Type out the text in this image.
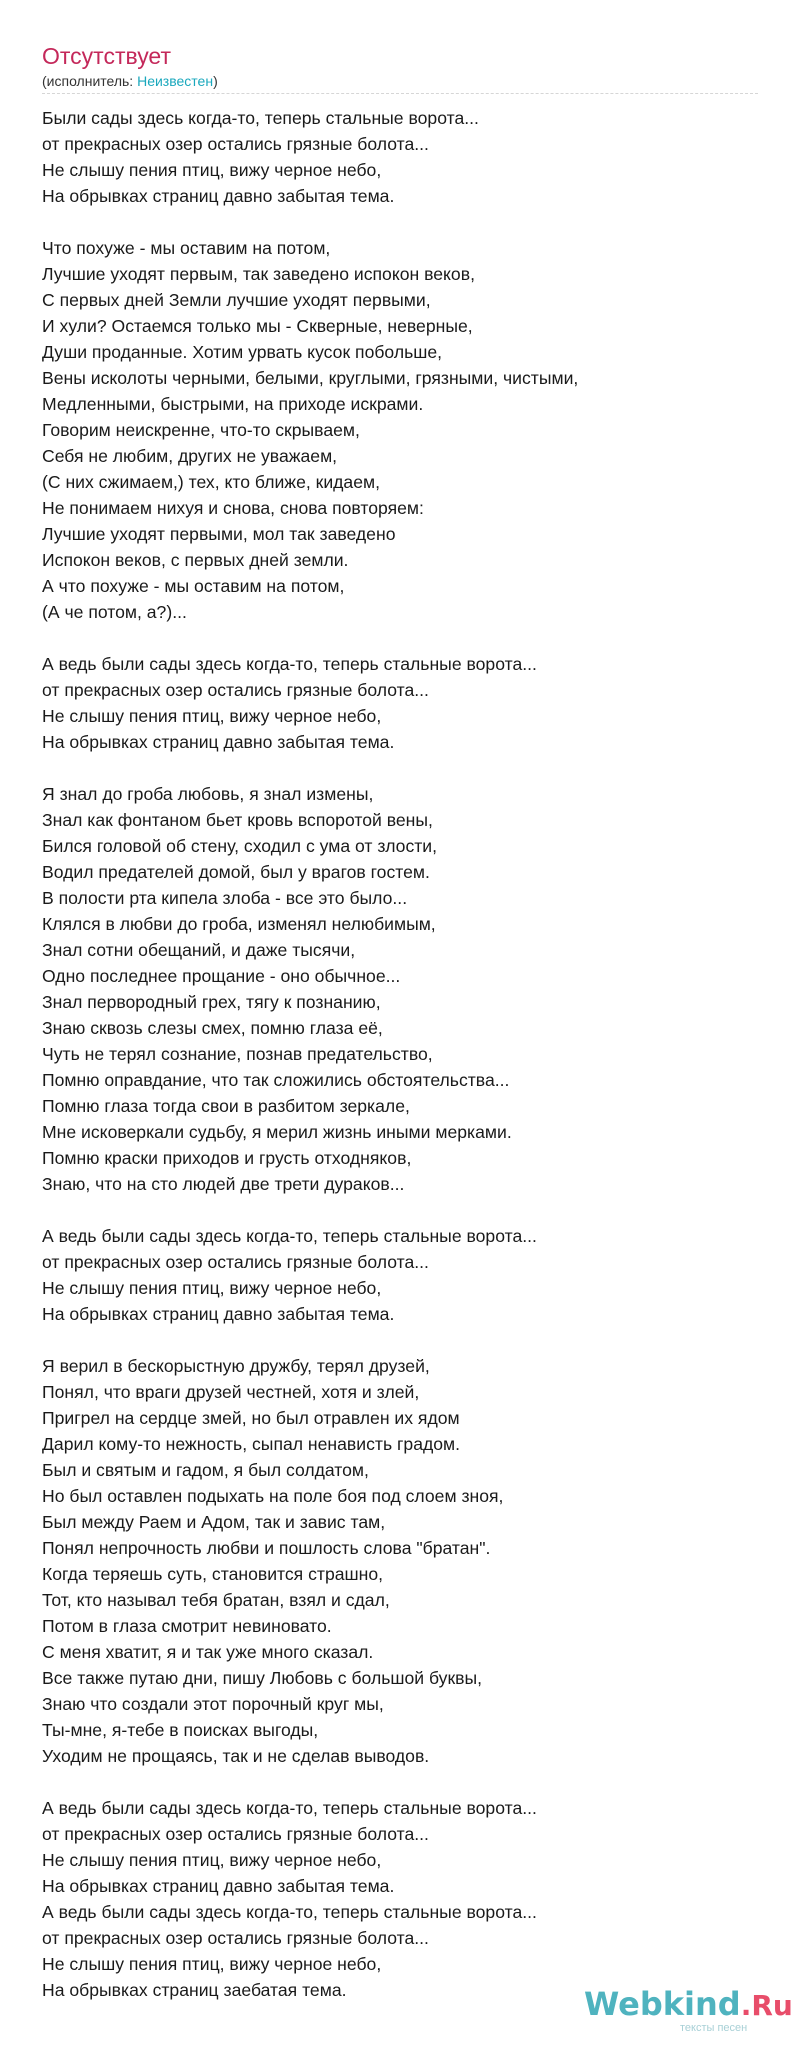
Отсутствует
(исполнитель: Неизвестен)
Были сады здесь когда-то, теперь стальные ворота...
от прекрасных озер остались грязные болота...
Не слышу пения птиц, вижу черное небо,
На обрывках страниц давно забытая тема.
Что похуже - мы оставим на потом,
Лучшие уходят первым, так заведено испокон веков,
С первых дней Земли лучшие уходят первыми,
И хули? Остаемся только мы - Скверные, неверные,
Души проданные. Хотим урвать кусок побольше,
Вены исколоты черными, белыми, круглыми, грязными, чистыми,
Медленными, быстрыми, на приходе искрами.
Говорим неискренне, что-то скрываем,
Себя не любим, других не уважаем,
(С них сжимаем,) тех, кто ближе, кидаем,
Не понимаем нихуя и снова, снова повторяем:
Лучшие уходят первыми, мол так заведено
Испокон веков, с первых дней земли.
А что похуже - мы оставим на потом,
(А че потом, а?)...
А ведь были сады здесь когда-то, теперь стальные ворота...
от прекрасных озер остались грязные болота...
Не слышу пения птиц, вижу черное небо,
На обрывках страниц давно забытая тема.
Я знал до гроба любовь, я знал измены,
Знал как фонтаном бьет кровь вспоротой вены,
Бился головой об стену, сходил с ума от злости,
Водил предателей домой, был у врагов гостем.
В полости рта кипела злоба - все это было...
Клялся в любви до гроба, изменял нелюбимым,
Знал сотни обещаний, и даже тысячи,
Одно последнее прощание - оно обычное...
Знал первородный грех, тягу к познанию,
Знаю сквозь слезы смех, помню глаза её,
Чуть не терял сознание, познав предательство,
Помню оправдание, что так сложились обстоятельства...
Помню глаза тогда свои в разбитом зеркале,
Мне исковеркали судьбу, я мерил жизнь иными мерками.
Помню краски приходов и грусть отходняков,
Знаю, что на сто людей две трети дураков...
А ведь были сады здесь когда-то, теперь стальные ворота...
от прекрасных озер остались грязные болота...
Не слышу пения птиц, вижу черное небо,
На обрывках страниц давно забытая тема.
Я верил в бескорыстную дружбу, терял друзей,
Понял, что враги друзей честней, хотя и злей,
Пригрел на сердце змей, но был отравлен их ядом
Дарил кому-то нежность, сыпал ненависть градом.
Был и святым и гадом, я был солдатом,
Но был оставлен подыхать на поле боя под слоем зноя,
Был между Раем и Адом, так и завис там,
Понял непрочность любви и пошлость слова "братан".
Когда теряешь суть, становится страшно,
Тот, кто называл тебя братан, взял и сдал,
Потом в глаза смотрит невиновато.
С меня хватит, я и так уже много сказал.
Все также путаю дни, пишу Любовь с большой буквы,
Знаю что создали этот порочный круг мы,
Ты-мне, я-тебе в поисках выгоды,
Уходим не прощаясь, так и не сделав выводов.
А ведь были сады здесь когда-то, теперь стальные ворота...
от прекрасных озер остались грязные болота...
Не слышу пения птиц, вижу черное небо,
На обрывках страниц давно забытая тема.
А ведь были сады здесь когда-то, теперь стальные ворота...
от прекрасных озер остались грязные болота...
Не слышу пения птиц, вижу черное небо,
На обрывках страниц заебатая тема.	Webkind.Ru
тексты песен
